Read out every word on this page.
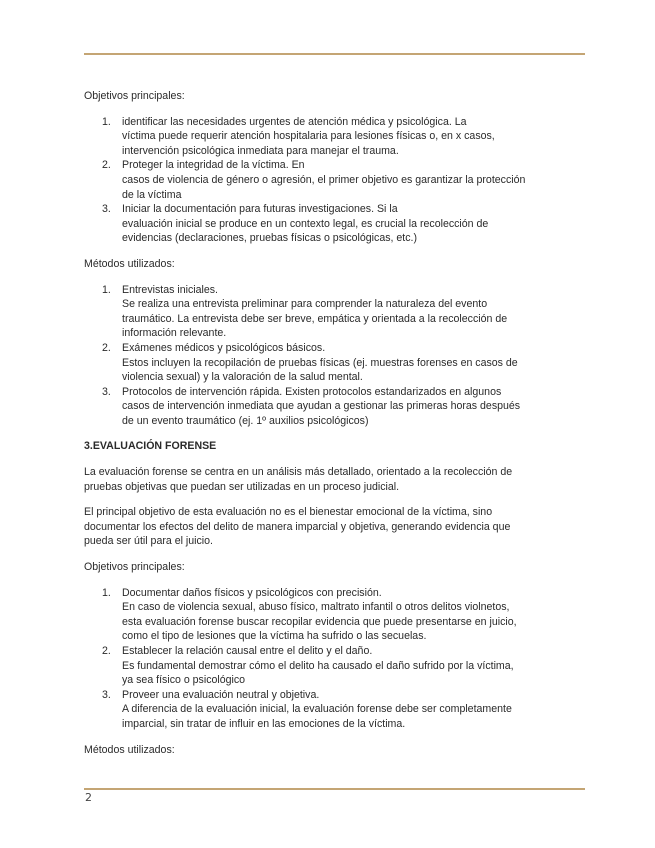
Objetivos principales:

1. identificar las necesidades urgentes de atención médica y psicológica. La
víctima puede requerir atención hospitalaria para lesiones físicas o, en x casos,
intervención psicológica inmediata para manejar el trauma.
2. Proteger la integridad de la víctima. En
casos de violencia de género o agresión, el primer objetivo es garantizar la protección
de la víctima
3. Iniciar la documentación para futuras investigaciones. Si la
evaluación inicial se produce en un contexto legal, es crucial la recolección de
evidencias (declaraciones, pruebas físicas o psicológicas, etc.)

Métodos utilizados:

1. Entrevistas iniciales.
Se realiza una entrevista preliminar para comprender la naturaleza del evento
traumático. La entrevista debe ser breve, empática y orientada a la recolección de
información relevante.
2. Exámenes médicos y psicológicos básicos.
Estos incluyen la recopilación de pruebas físicas (ej. muestras forenses en casos de
violencia sexual) y la valoración de la salud mental.
3. Protocolos de intervención rápida. Existen protocolos estandarizados en algunos
casos de intervención inmediata que ayudan a gestionar las primeras horas después
de un evento traumático (ej. 1º auxilios psicológicos)

3.EVALUACIÓN FORENSE

La evaluación forense se centra en un análisis más detallado, orientado a la recolección de
pruebas objetivas que puedan ser utilizadas en un proceso judicial.

El principal objetivo de esta evaluación no es el bienestar emocional de la víctima, sino
documentar los efectos del delito de manera imparcial y objetiva, generando evidencia que
pueda ser útil para el juicio.

Objetivos principales:

1. Documentar daños físicos y psicológicos con precisión.
En caso de violencia sexual, abuso físico, maltrato infantil o otros delitos violnetos,
esta evaluación forense buscar recopilar evidencia que puede presentarse en juicio,
como el tipo de lesiones que la víctima ha sufrido o las secuelas.
2. Establecer la relación causal entre el delito y el daño.
Es fundamental demostrar cómo el delito ha causado el daño sufrido por la víctima,
ya sea físico o psicológico
3. Proveer una evaluación neutral y objetiva.
A diferencia de la evaluación inicial, la evaluación forense debe ser completamente
imparcial, sin tratar de influir en las emociones de la víctima.

Métodos utilizados:

2
